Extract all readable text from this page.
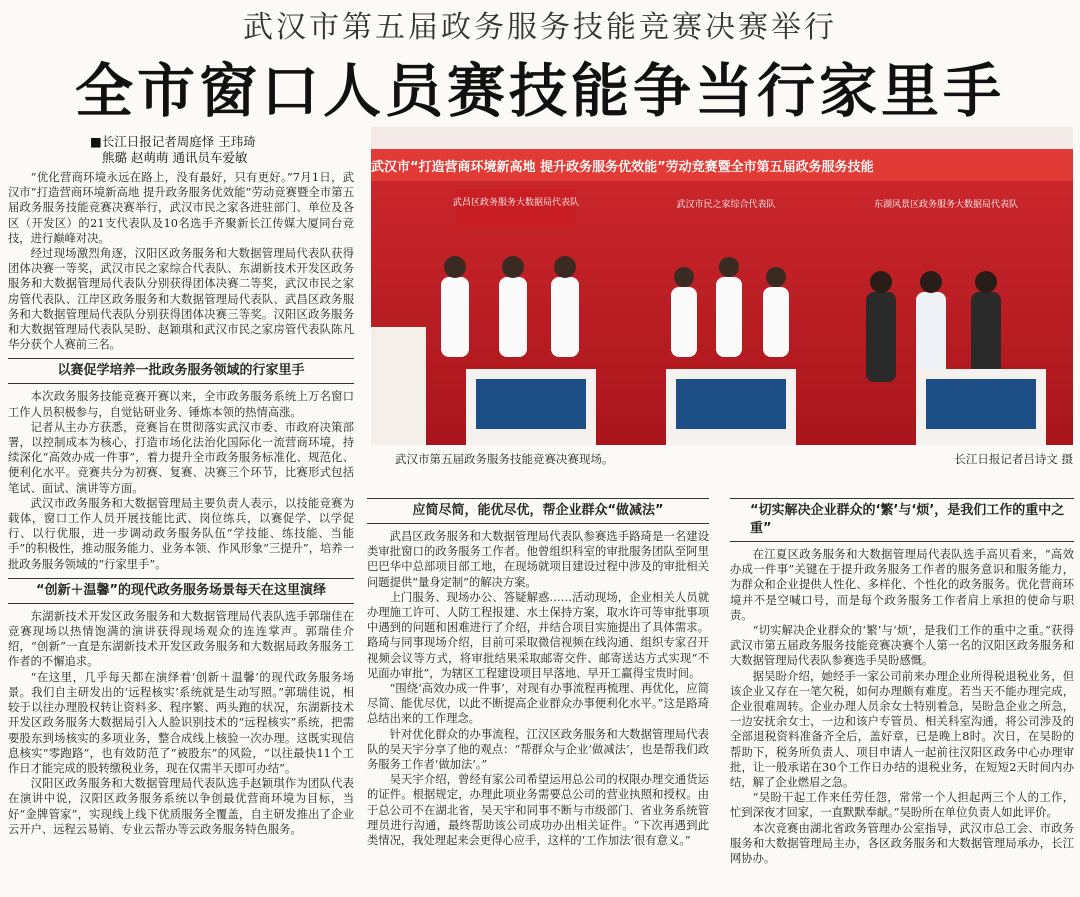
武汉市第五届政务服务技能竞赛决赛举行
全市窗口人员赛技能争当行家里手
■长江日报记者周庭怿 王玮琦
熊璐 赵萌萌 通讯员车爱敏

“优化营商环境永远在路上，没有最好，只有更好。”7月1日，武汉市“打造营商环境新高地 提升政务服务优效能”劳动竞赛暨全市第五届政务服务技能竞赛决赛举行，武汉市民之家各进驻部门、单位及各区（开发区）的21支代表队及10名选手齐聚新长江传媒大厦同台竞技，进行巅峰对决。

经过现场激烈角逐，汉阳区政务服务和大数据管理局代表队获得团体决赛一等奖，武汉市民之家综合代表队、东湖新技术开发区政务服务和大数据管理局代表队分别获得团体决赛二等奖，武汉市民之家房管代表队、江岸区政务服务和大数据管理局代表队、武昌区政务服务和大数据管理局代表队分别获得团体决赛三等奖。汉阳区政务服务和大数据管理局代表队吴盼、赵颖琪和武汉市民之家房管代表队陈凡华分获个人赛前三名。

以赛促学培养一批政务服务领域的行家里手

本次政务服务技能竞赛开赛以来，全市政务服务系统上万名窗口工作人员积极参与，自觉钻研业务、锤炼本领的热情高涨。

记者从主办方获悉，竞赛旨在贯彻落实武汉市委、市政府决策部署，以控制成本为核心，打造市场化法治化国际化一流营商环境，持续深化“高效办成一件事”，着力提升全市政务服务标准化、规范化、便利化水平。竞赛共分为初赛、复赛、决赛三个环节，比赛形式包括笔试、面试、演讲等方面。

武汉市政务服务和大数据管理局主要负责人表示，以技能竞赛为载体，窗口工作人员开展技能比武、岗位练兵，以赛促学、以学促行、以行优服，进一步调动政务服务队伍“学技能、练技能、当能手”的积极性，推动服务能力、业务本领、作风形象“三提升”，培养一批政务服务领域的“行家里手”。

“创新＋温馨”的现代政务服务场景每天在这里演绎

东湖新技术开发区政务服务和大数据管理局代表队选手郭瑞佳在竞赛现场以热情饱满的演讲获得现场观众的连连掌声。郭瑞佳介绍，“创新”一直是东湖新技术开发区政务服务和大数据局政务服务工作者的不懈追求。

“在这里，几乎每天都在演绎着‘创新＋温馨’的现代政务服务场景。我们自主研发出的‘远程核实’系统就是生动写照。”郭瑞佳说，相较于以往办理股权转让资料多、程序繁、两头跑的状况，东湖新技术开发区政务服务大数据局引入人脸识别技术的“远程核实”系统，把需要股东到场核实的多项业务，整合成线上核验一次办理。这既实现信息核实“零跑路”，也有效防范了“被股东”的风险，“以往最快11个工作日才能完成的股转缴税业务，现在仅需半天即可办结”。

汉阳区政务服务和大数据管理局代表队选手赵颖琪作为团队代表在演讲中说，汉阳区政务服务系统以争创最优营商环境为目标，当好“金牌管家”，实现线上线下优质服务全覆盖，自主研发推出了企业云开户、远程云易销、专业云帮办等云政务服务特色服务。

武汉市“打造营商环境新高地 提升政务服务优效能”劳动竞赛暨全市第五届政务服务技能
武昌区政务服务大数据局代表队	武汉市民之家综合代表队	东湖风景区政务服务大数据局代表队
武汉市第五届政务服务技能竞赛决赛现场。	长江日报记者吕诗文 摄
应简尽简，能优尽优，帮企业群众“做减法”

武昌区政务服务和大数据管理局代表队参赛选手路琦是一名建设类审批窗口的政务服务工作者。他曾组织科室的审批服务团队至阿里巴巴华中总部项目部工地，在现场就项目建设过程中涉及的审批相关问题提供“量身定制”的解决方案。

上门服务、现场办公、答疑解惑……活动现场，企业相关人员就办理施工许可、人防工程报建、水土保持方案，取水许可等审批事项中遇到的问题和困难进行了介绍，并结合项目实施提出了具体需求。路琦与同事现场介绍，目前可采取微信视频在线沟通、组织专家召开视频会议等方式，将审批结果采取邮寄交件、邮寄送达方式实现“不见面办审批”，为辖区工程建设项目早落地、早开工赢得宝贵时间。

“围绕‘高效办成一件事’，对现有办事流程再梳理、再优化，应简尽简、能优尽优，以此不断提高企业群众办事便利化水平。”这是路琦总结出来的工作理念。

针对优化群众的办事流程，江汉区政务服务和大数据管理局代表队的吴天宇分享了他的观点：“帮群众与企业‘做减法’，也是帮我们政务服务工作者‘做加法’。”

吴天宇介绍，曾经有家公司希望运用总公司的权限办理交通货运的证件。根据规定，办理此项业务需要总公司的营业执照和授权。由于总公司不在湖北省，吴天宇和同事不断与市级部门、省业务系统管理员进行沟通，最终帮助该公司成功办出相关证件。“下次再遇到此类情况，我处理起来会更得心应手，这样的‘工作加法’很有意义。”

“切实解决企业群众的‘繁’与‘烦’，是我们工作的重中之重”

在江夏区政务服务和大数据管理局代表队选手高贝看来，“高效办成一件事”关键在于提升政务服务工作者的服务意识和服务能力，为群众和企业提供人性化、多样化、个性化的政务服务。优化营商环境并不是空喊口号，而是每个政务服务工作者肩上承担的使命与职责。

“切实解决企业群众的‘繁’与‘烦’，是我们工作的重中之重。”获得武汉市第五届政务服务技能竞赛决赛个人第一名的汉阳区政务服务和大数据管理局代表队参赛选手吴盼感慨。

据吴盼介绍，她经手一家公司前来办理企业所得税退税业务，但该企业又存在一笔欠税，如何办理颇有难度。若当天不能办理完成，企业很难周转。企业办理人员余女士特别着急，吴盼急企业之所急，一边安抚余女士，一边和该户专管员、相关科室沟通，将公司涉及的全部退税资料准备齐全后，盖好章，已是晚上8时。次日，在吴盼的帮助下，税务所负责人、项目申请人一起前往汉阳区政务中心办理审批，让一般承诺在30个工作日办结的退税业务，在短短2天时间内办结，解了企业燃眉之急。

“吴盼干起工作来任劳任怨，常常一个人担起两三个人的工作，忙到深夜才回家，一直默默奉献。”吴盼所在单位负责人如此评价。

本次竞赛由湖北省政务管理办公室指导，武汉市总工会、市政务服务和大数据管理局主办，各区政务服务和大数据管理局承办，长江网协办。
